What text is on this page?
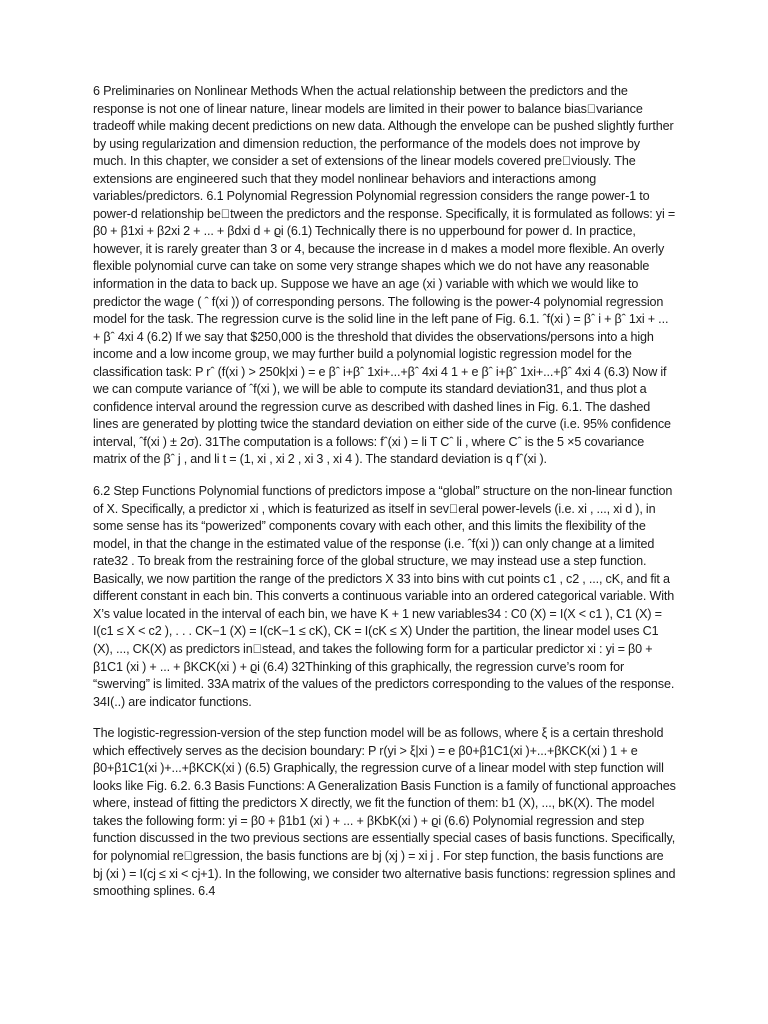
6 Preliminaries on Nonlinear Methods When the actual relationship between the predictors and the response is not one of linear nature, linear models are limited in their power to balance bias variance tradeoff while making decent predictions on new data. Although the envelope can be pushed slightly further by using regularization and dimension reduction, the performance of the models does not improve by much. In this chapter, we consider a set of extensions of the linear models covered pre viously. The extensions are engineered such that they model nonlinear behaviors and interactions among variables/predictors. 6.1 Polynomial Regression Polynomial regression considers the range power-1 to power-d relationship be tween the predictors and the response. Specifically, it is formulated as follows: yi = β0 + β1xi + β2xi 2 + ... + βdxi d + ϱi (6.1) Technically there is no upperbound for power d. In practice, however, it is rarely greater than 3 or 4, because the increase in d makes a model more flexible. An overly flexible polynomial curve can take on some very strange shapes which we do not have any reasonable information in the data to back up. Suppose we have an age (xi ) variable with which we would like to predictor the wage ( ˆ f(xi )) of corresponding persons. The following is the power-4 polynomial regression model for the task. The regression curve is the solid line in the left pane of Fig. 6.1. ˆf(xi ) = βˆ i + βˆ 1xi + ... + βˆ 4xi 4 (6.2) If we say that $250,000 is the threshold that divides the observations/persons into a high income and a low income group, we may further build a polynomial logistic regression model for the classification task: P rˆ (f(xi ) > 250k|xi ) = e βˆ i+βˆ 1xi+...+βˆ 4xi 4 1 + e βˆ i+βˆ 1xi+...+βˆ 4xi 4 (6.3) Now if we can compute variance of ˆf(xi ), we will be able to compute its standard deviation31, and thus plot a confidence interval around the regression curve as described with dashed lines in Fig. 6.1. The dashed lines are generated by plotting twice the standard deviation on either side of the curve (i.e. 95% confidence interval, ˆf(xi ) ± 2σ). 31The computation is a follows: fˆ(xi ) = li T Cˆ li , where Cˆ is the 5 ×5 covariance matrix of the βˆ j , and li t = (1, xi , xi 2 , xi 3 , xi 4 ). The standard deviation is q fˆ(xi ).

6.2 Step Functions Polynomial functions of predictors impose a “global” structure on the non-linear function of X. Specifically, a predictor xi , which is featurized as itself in sev eral power-levels (i.e. xi , ..., xi d ), in some sense has its “powerized” components covary with each other, and this limits the flexibility of the model, in that the change in the estimated value of the response (i.e. ˆf(xi )) can only change at a limited rate32 . To break from the restraining force of the global structure, we may instead use a step function. Basically, we now partition the range of the predictors X 33 into bins with cut points c1 , c2 , ..., cK, and fit a different constant in each bin. This converts a continuous variable into an ordered categorical variable. With X’s value located in the interval of each bin, we have K + 1 new variables34 : C0 (X) = I(X < c1 ), C1 (X) = I(c1 ≤ X < c2 ), . . . CK−1 (X) = I(cK−1 ≤ cK), CK = I(cK ≤ X) Under the partition, the linear model uses C1 (X), ..., CK(X) as predictors in stead, and takes the following form for a particular predictor xi : yi = β0 + β1C1 (xi ) + ... + βKCK(xi ) + ϱi (6.4) 32Thinking of this graphically, the regression curve’s room for “swerving” is limited. 33A matrix of the values of the predictors corresponding to the values of the response. 34I(..) are indicator functions.

The logistic-regression-version of the step function model will be as follows, where ξ is a certain threshold which effectively serves as the decision boundary: P r(yi > ξ|xi ) = e β0+β1C1(xi )+...+βKCK(xi ) 1 + e β0+β1C1(xi )+...+βKCK(xi ) (6.5) Graphically, the regression curve of a linear model with step function will looks like Fig. 6.2. 6.3 Basis Functions: A Generalization Basis Function is a family of functional approaches where, instead of fitting the predictors X directly, we fit the function of them: b1 (X), ..., bK(X). The model takes the following form: yi = β0 + β1b1 (xi ) + ... + βKbK(xi ) + ϱi (6.6) Polynomial regression and step function discussed in the two previous sections are essentially special cases of basis functions. Specifically, for polynomial re gression, the basis functions are bj (xj ) = xi j . For step function, the basis functions are bj (xi ) = I(cj ≤ xi < cj+1). In the following, we consider two alternative basis functions: regression splines and smoothing splines. 6.4
